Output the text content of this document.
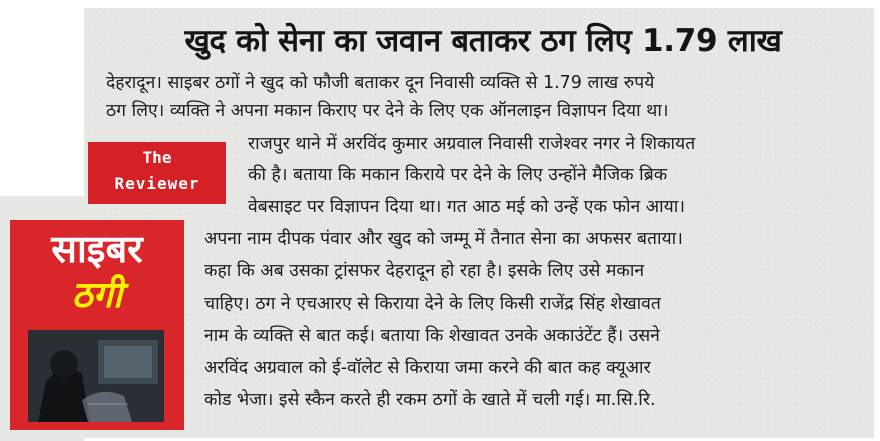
खुद को सेना का जवान बताकर ठग लिए 1.79 लाख
देहरादून। साइबर ठगों ने खुद को फौजी बताकर दून निवासी व्यक्ति से 1.79 लाख रुपये
ठग लिए। व्यक्ति ने अपना मकान किराए पर देने के लिए एक ऑनलाइन विज्ञापन दिया था।
राजपुर थाने में अरविंद कुमार अग्रवाल निवासी राजेश्वर नगर ने शिकायत
की है। बताया कि मकान किराये पर देने के लिए उन्होंने मैजिक ब्रिक
वेबसाइट पर विज्ञापन दिया था। गत आठ मई को उन्हें एक फोन आया।
अपना नाम दीपक पंवार और खुद को जम्मू में तैनात सेना का अफसर बताया।
कहा कि अब उसका ट्रांसफर देहरादून हो रहा है। इसके लिए उसे मकान
चाहिए। ठग ने एचआरए से किराया देने के लिए किसी राजेंद्र सिंह शेखावत
नाम के व्यक्ति से बात कई। बताया कि शेखावत उनके अकाउंटेंट हैं। उसने
अरविंद अग्रवाल को ई-वॉलेट से किराया जमा करने की बात कह क्यूआर
कोड भेजा। इसे स्कैन करते ही रकम ठगों के खाते में चली गई। मा.सि.रि.
The
Reviewer
साइबर
ठगी
